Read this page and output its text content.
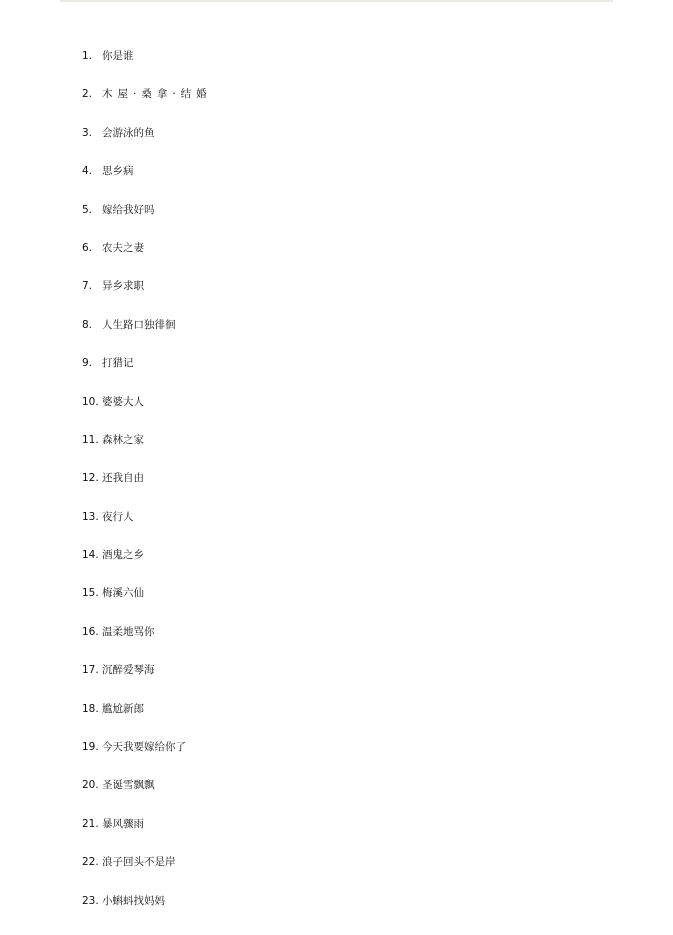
1. 你是谁
2. 木屋·桑拿·结婚
3. 会游泳的鱼
4. 思乡病
5. 嫁给我好吗
6. 农夫之妻
7. 异乡求职
8. 人生路口独徘徊
9. 打猎记
10. 婆婆大人
11. 森林之家
12. 还我自由
13. 夜行人
14. 酒鬼之乡
15. 梅溪六仙
16. 温柔地骂你
17. 沉醉爱琴海
18. 尴尬新郎
19. 今天我要嫁给你了
20. 圣诞雪飘飘
21. 暴风骤雨
22. 浪子回头不是岸
23. 小蝌蚪找妈妈
